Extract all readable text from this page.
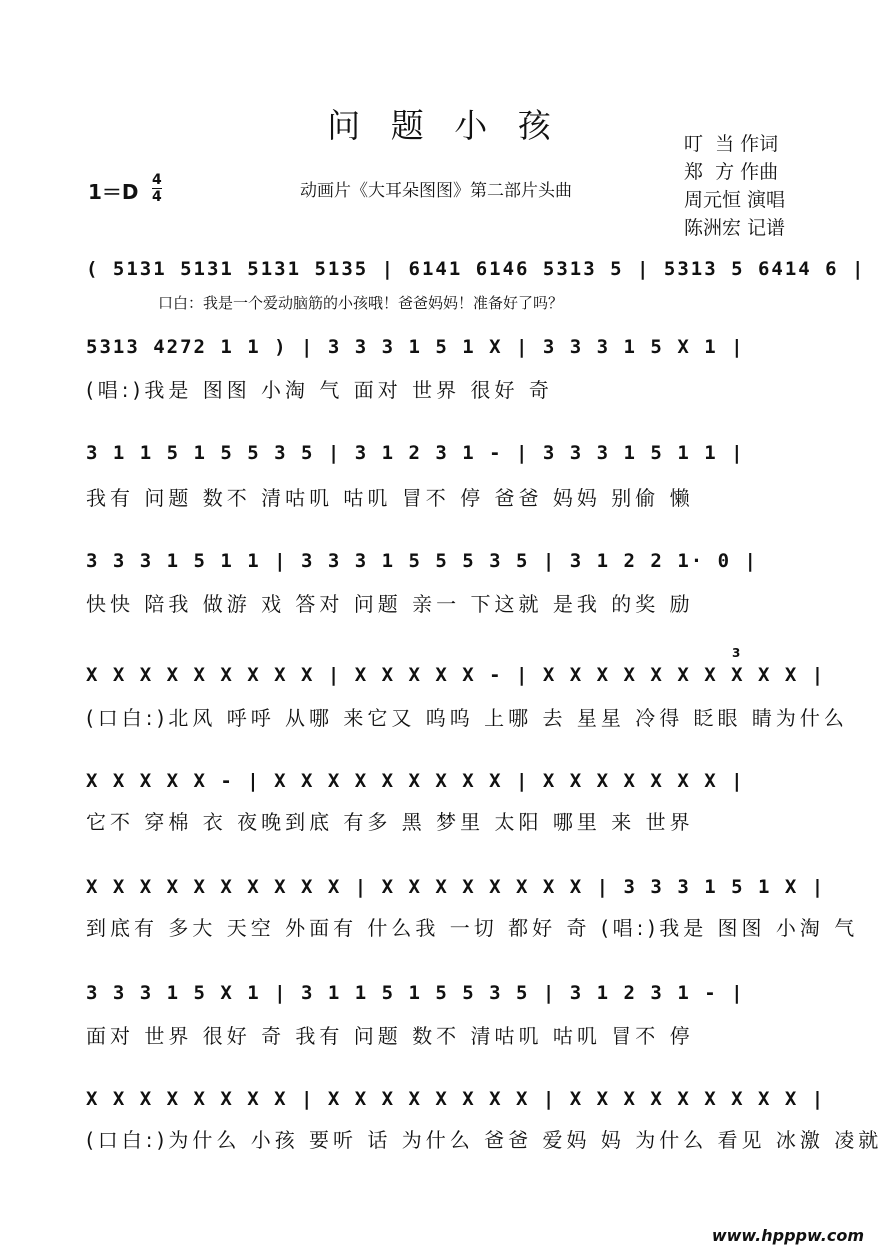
问 题 小 孩	叮  当 作词
郑  方 作曲
周元恒 演唱
陈洲宏 记谱
1＝D 4
4	动画片《大耳朵图图》第二部片头曲
( 5131 5131 5131 5135 | 6141 6146 5313 5 | 5313 5 6414 6 |
口白：我是一个爱动脑筋的小孩哦！爸爸妈妈！准备好了吗？
5313 4272 1 1 ) | 3 3 3 1 5 1 X | 3 3 3 1 5 X 1 |
(唱:)我是 图图 小淘 气 面对 世界 很好 奇
3 1 1 5 1 5 5 3 5 | 3 1 2 3 1 - | 3 3 3 1 5 1 1 |
我有 问题 数不 清咕叽 咕叽 冒不 停 爸爸 妈妈 别偷 懒
3 3 3 1 5 1 1 | 3 3 3 1 5 5 5 3 5 | 3 1 2 2 1· 0 |
快快 陪我 做游 戏 答对 问题 亲一 下这就 是我 的奖 励
3
X X X X X X X X X | X X X X X - | X X X X X X X X X X |
(口白:)北风 呼呼 从哪 来它又 呜呜 上哪 去 星星 冷得 眨眼 睛为什么
X X X X X - | X X X X X X X X X | X X X X X X X |
它不 穿棉 衣 夜晚到底 有多 黑 梦里 太阳 哪里 来 世界
X X X X X X X X X X | X X X X X X X X | 3 3 3 1 5 1 X |
到底有 多大 天空 外面有 什么我 一切 都好 奇 (唱:)我是 图图 小淘 气
3 3 3 1 5 X 1 | 3 1 1 5 1 5 5 3 5 | 3 1 2 3 1 - |
面对 世界 很好 奇 我有 问题 数不 清咕叽 咕叽 冒不 停
X X X X X X X X | X X X X X X X X | X X X X X X X X X |
(口白:)为什么 小孩 要听 话 为什么 爸爸 爱妈 妈 为什么 看见 冰激 凌就
www.hpppw.com
